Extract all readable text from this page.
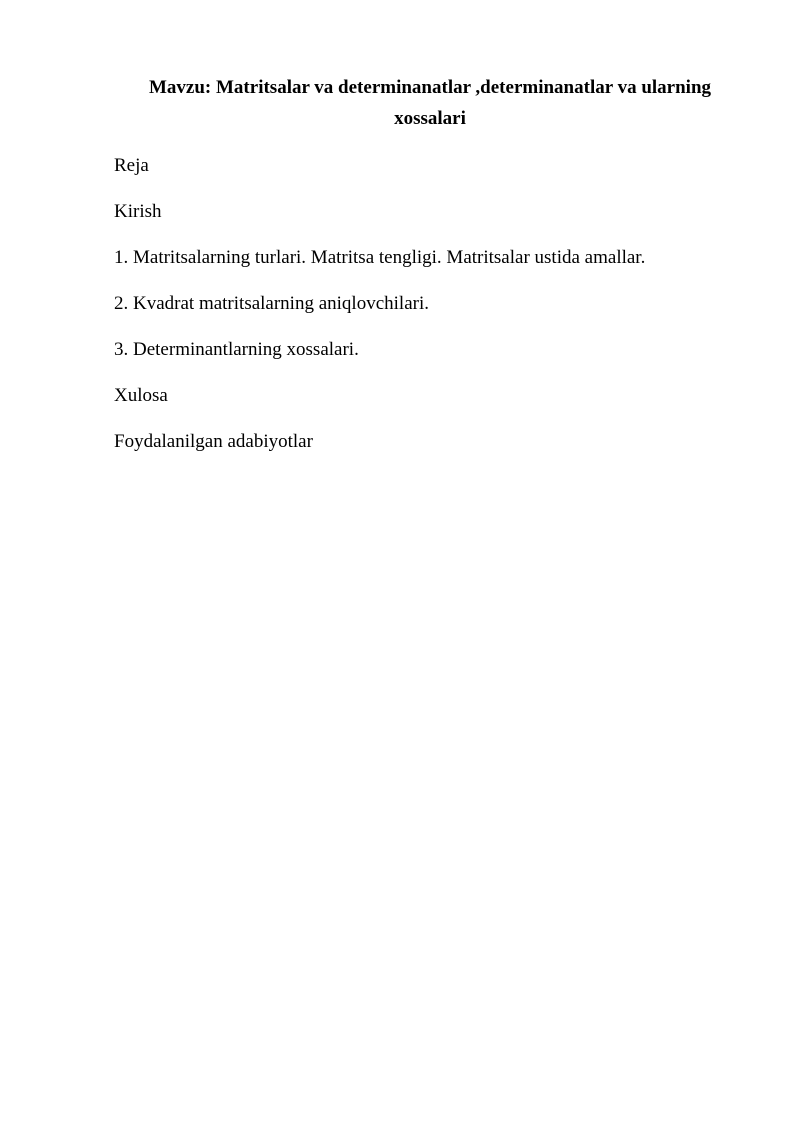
Mavzu: Matritsalar va determinanatlar ,determinanatlar va ularning
xossalari
Reja
Kirish
1. Matritsalarning turlari. Matritsa tengligi. Matritsalar ustida amallar.
2. Kvadrat matritsalarning aniqlovchilari.
3. Determinantlarning xossalari.
Xulosa
Foydalanilgan adabiyotlar
